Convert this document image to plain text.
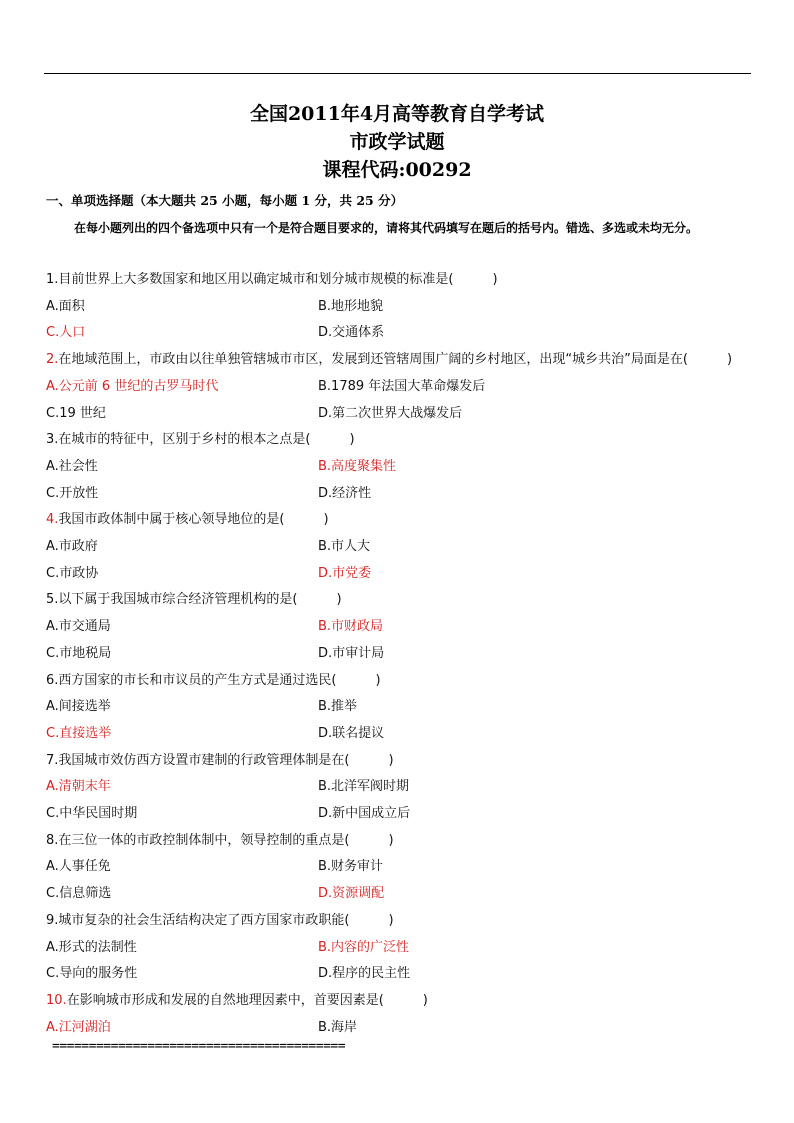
全国2011年4月高等教育自学考试
市政学试题
课程代码:00292
一、单项选择题（本大题共 25 小题，每小题 1 分，共 25 分）
在每小题列出的四个备选项中只有一个是符合题目要求的，请将其代码填写在题后的括号内。错选、多选或未均无分。
1.目前世界上大多数国家和地区用以确定城市和划分城市规模的标准是(　　　)
A.面积	B.地形地貌
C.人口	D.交通体系
2.在地域范围上，市政由以往单独管辖城市市区，发展到还管辖周围广阔的乡村地区，出现“城乡共治”局面是在(　　　)
A.公元前 6 世纪的古罗马时代	B.1789 年法国大革命爆发后
C.19 世纪	D.第二次世界大战爆发后
3.在城市的特征中，区别于乡村的根本之点是(　　　)
A.社会性	B.高度聚集性
C.开放性	D.经济性
4.我国市政体制中属于核心领导地位的是(　　　)
A.市政府	B.市人大
C.市政协	D.市党委
5.以下属于我国城市综合经济管理机构的是(　　　)
A.市交通局	B.市财政局
C.市地税局	D.市审计局
6.西方国家的市长和市议员的产生方式是通过选民(　　　)
A.间接选举	B.推举
C.直接选举	D.联名提议
7.我国城市效仿西方设置市建制的行政管理体制是在(　　　)
A.清朝末年	B.北洋军阀时期
C.中华民国时期	D.新中国成立后
8.在三位一体的市政控制体制中，领导控制的重点是(　　　)
A.人事任免	B.财务审计
C.信息筛选	D.资源调配
9.城市复杂的社会生活结构决定了西方国家市政职能(　　　)
A.形式的法制性	B.内容的广泛性
C.导向的服务性	D.程序的民主性
10.在影响城市形成和发展的自然地理因素中，首要因素是(　　　)
A.江河湖泊	B.海岸
========================================
